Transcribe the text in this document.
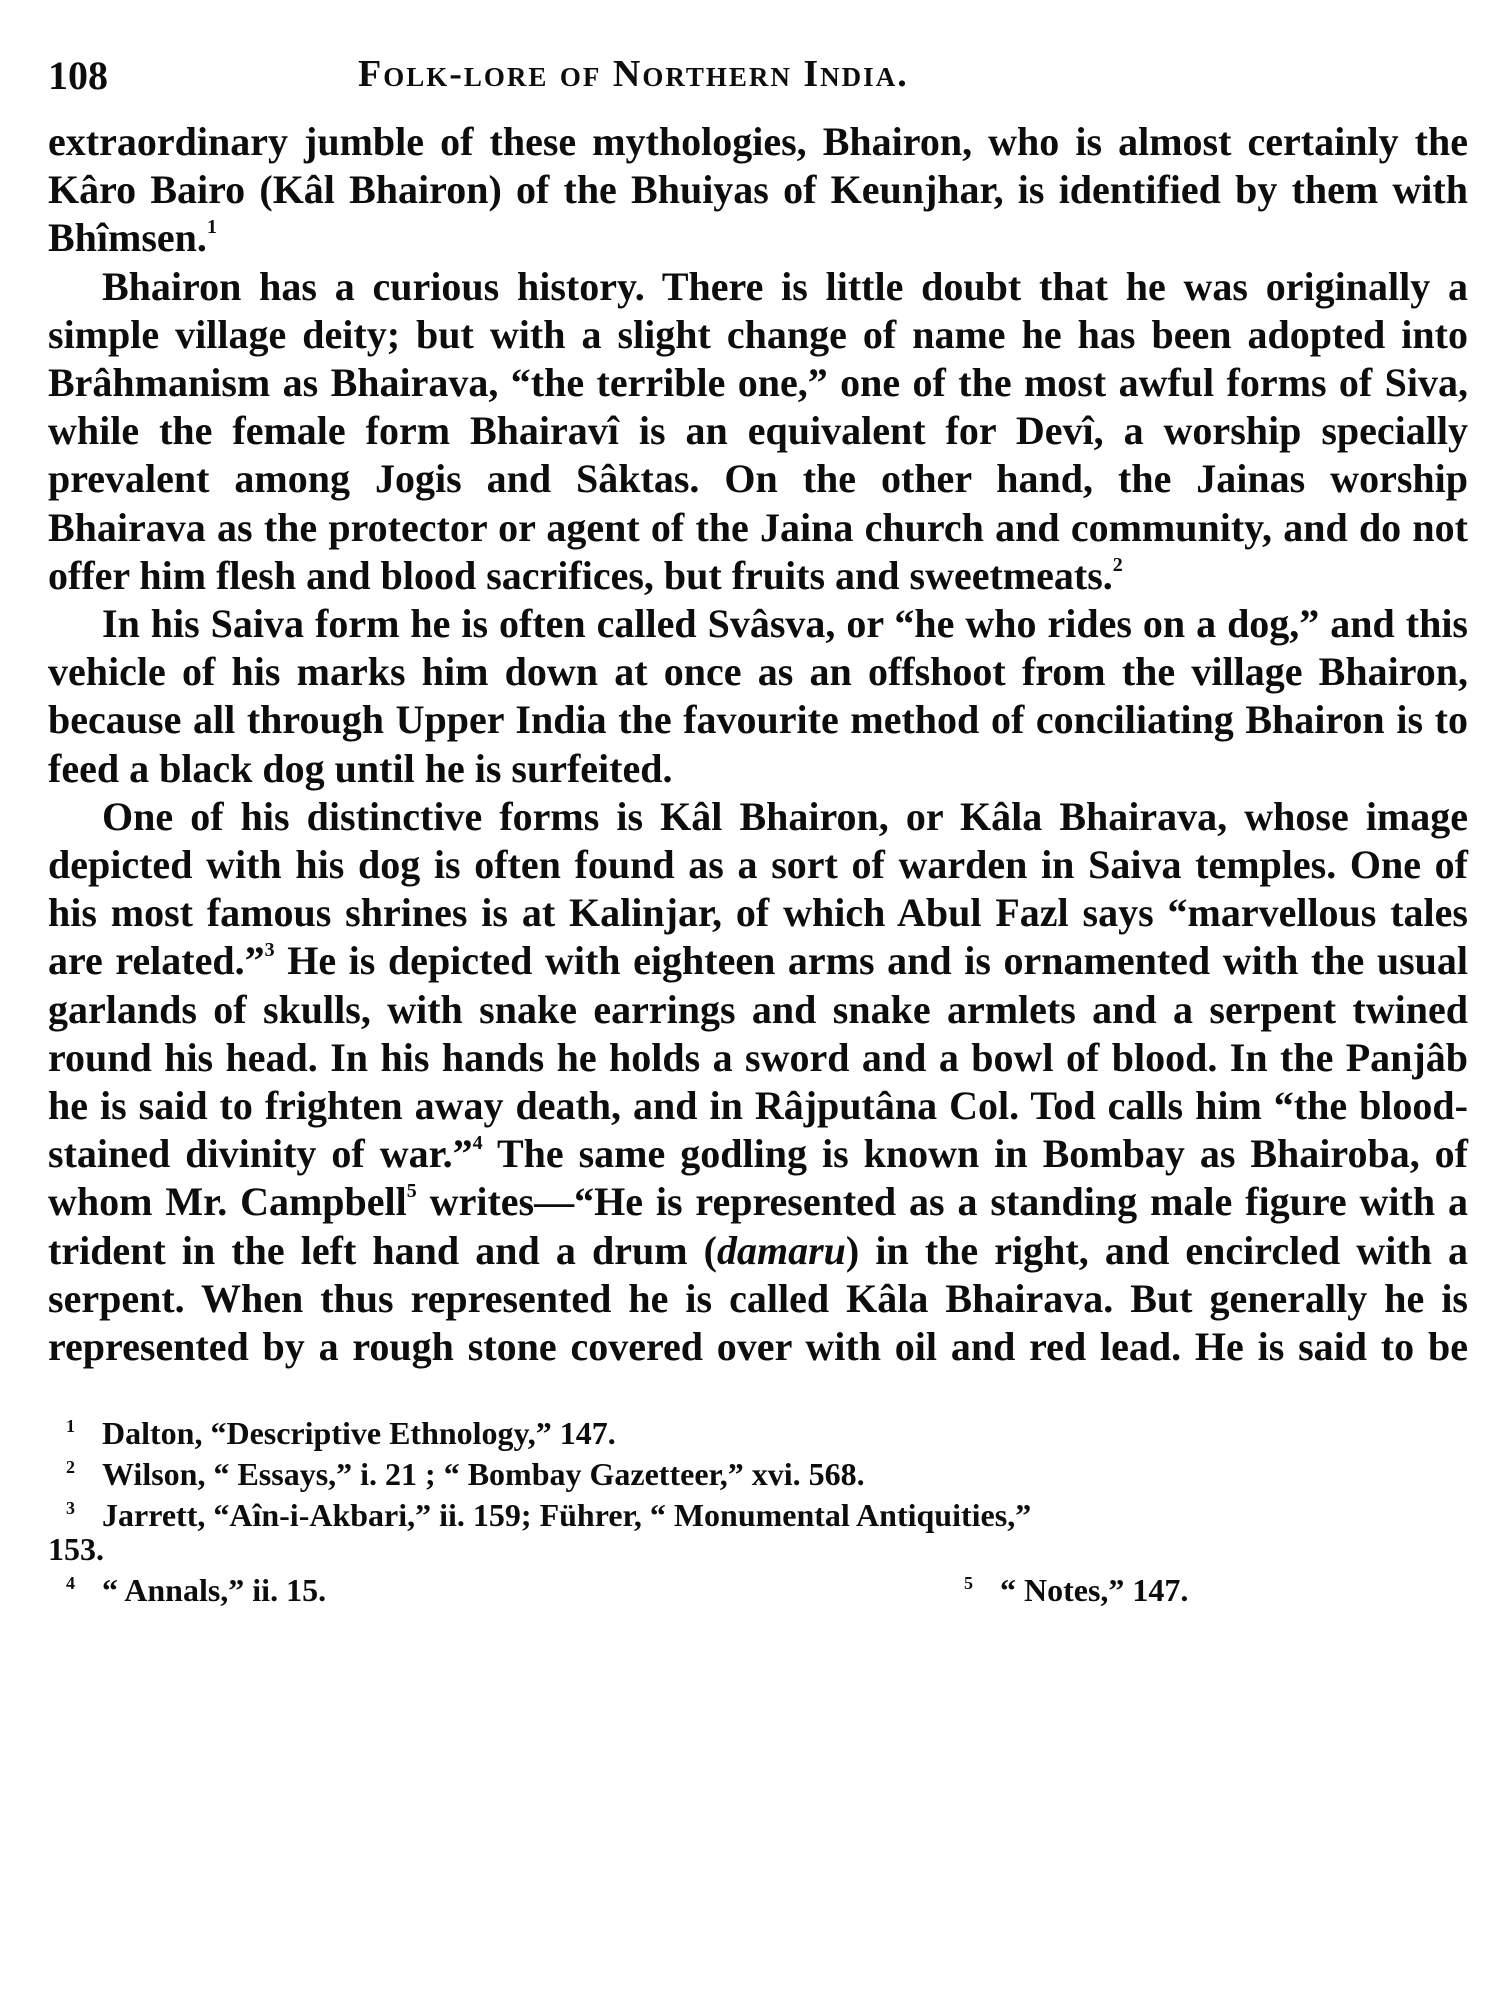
108	Folk-lore of Northern India.

extraordinary jumble of these mythologies, Bhairon, who is almost certainly the Kâro Bairo (Kâl Bhairon) of the Bhuiyas of Keunjhar, is identified by them with Bhîmsen.$^1$

Bhairon has a curious history. There is little doubt that he was originally a simple village deity; but with a slight change of name he has been adopted into Brâhmanism as Bhairava, “the terrible one,” one of the most awful forms of Siva, while the female form Bhairavî is an equivalent for Devî, a worship specially prevalent among Jogis and Sâktas. On the other hand, the Jainas worship Bhairava as the protector or agent of the Jaina church and community, and do not offer him flesh and blood sacrifices, but fruits and sweetmeats.$^2$

In his Saiva form he is often called Svâsva, or “he who rides on a dog,” and this vehicle of his marks him down at once as an offshoot from the village Bhairon, because all through Upper India the favourite method of conciliating Bhairon is to feed a black dog until he is surfeited.

One of his distinctive forms is Kâl Bhairon, or Kâla Bhairava, whose image depicted with his dog is often found as a sort of warden in Saiva temples. One of his most famous shrines is at Kalinjar, of which Abul Fazl says “marvellous tales are related.”$^3$ He is depicted with eighteen arms and is ornamented with the usual garlands of skulls, with snake earrings and snake armlets and a serpent twined round his head. In his hands he holds a sword and a bowl of blood. In the Panjâb he is said to frighten away death, and in Râjputâna Col. Tod calls him “the blood-stained divinity of war.”$^4$ The same godling is known in Bombay as Bhairoba, of whom Mr. Campbell$^5$ writes—“He is represented as a standing male figure with a trident in the left hand and a drum (damaru) in the right, and encircled with a serpent. When thus represented he is called Kâla Bhairava. But generally he is represented by a rough stone covered over with oil and red lead. He is said to be

1 Dalton, “Descriptive Ethnology,” 147.
2 Wilson, “ Essays,” i. 21 ; “ Bombay Gazetteer,” xvi. 568.
3 Jarrett, “Aîn-i-Akbari,” ii. 159; Führer, “ Monumental Antiquities,”
153.
4 “ Annals,” ii. 15.	5 “ Notes,” 147.
